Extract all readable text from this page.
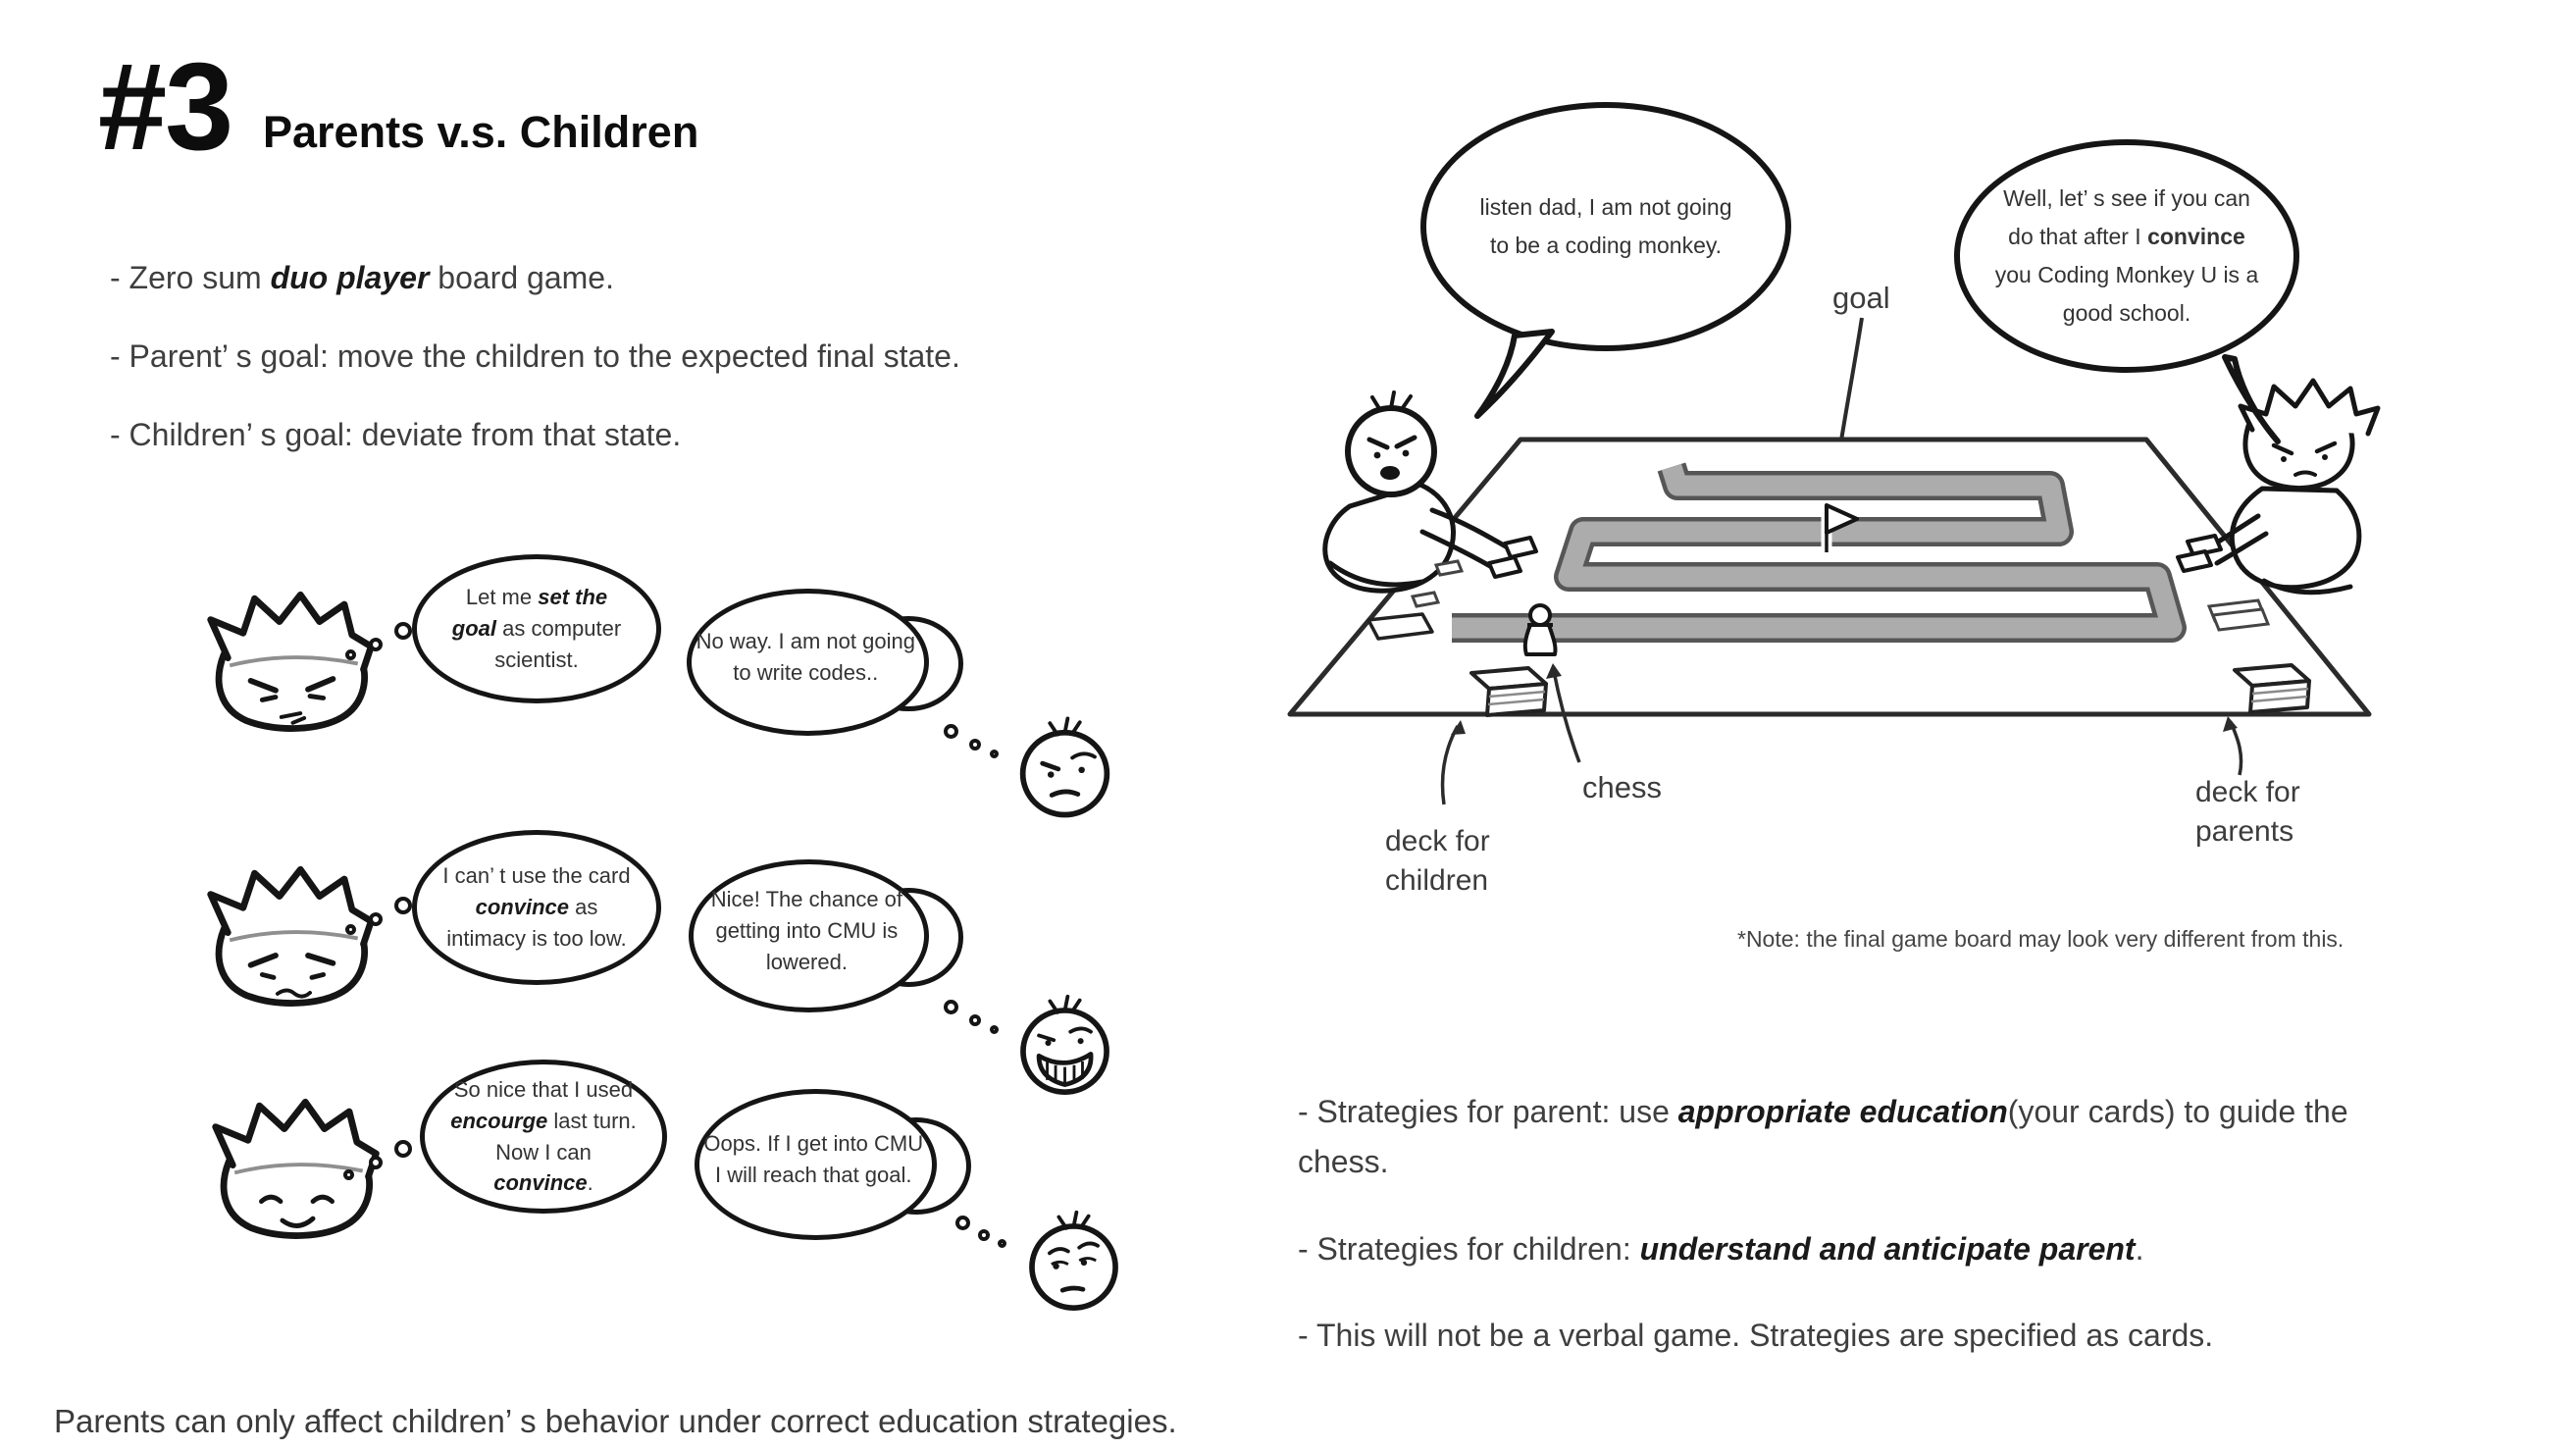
#3 Parents v.s. Children
- Zero sum duo player board game.
- Parent’ s goal: move the children to the expected final state.
- Children’ s goal: deviate from that state.
Let me set the goal as computer scientist.
No way. I am not going to write codes..
I can’ t use the card convince as intimacy is too low.
Nice! The chance of getting into CMU is lowered.
So nice that I used encourge last turn. Now I can convince.
Oops. If I get into CMU I will reach that goal.
Parents can only affect children’ s behavior under correct education strategies.
listen dad, I am not going to be a coding monkey.
goal
Well, let’ s see if you can do that after I convince you Coding Monkey U is a good school.
chess
deck for
children
deck for
parents
*Note: the final game board may look very different from this.
- Strategies for parent: use appropriate education(your cards) to guide the
chess.
- Strategies for children: understand and anticipate parent.
- This will not be a verbal game. Strategies are specified as cards.
